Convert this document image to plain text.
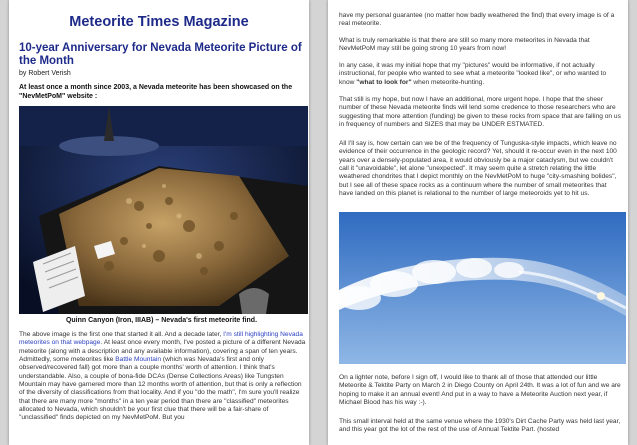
Meteorite Times Magazine
10-year Anniversary for Nevada Meteorite Picture of the Month
by Robert Verish
At least once a month since 2003, a Nevada meteorite has been showcased on the "NevMetPoM" website :
Quinn Canyon (Iron, IIIAB) – Nevada's first meteorite find.

The above image is the first one that started it all. And a decade later, I'm still highlighting Nevada meteorites on that webpage. At least once every month, I've posted a picture of a different Nevada meteorite (along with a description and any available information), covering a span of ten years. Admittedly, some meteorites like Battle Mountain (which was Nevada's first and only observed/recovered fall) got more than a couple months' worth of attention. I think that's understandable. Also, a couple of bona-fide DCAs (Dense Collections Areas) like Tungsten Mountain may have garnered more than 12 months worth of attention, but that is only a reflection of the diversity of classifications from that locality. And if you "do the math", I'm sure you'll realize that there are many more "months" in a ten year period than there are "classified" meteorites allocated to Nevada, which shouldn't be your first clue that there will be a fair-share of "unclassified" finds depicted on my NevMetPoM. But you

have my personal guarantee (no matter how badly weathered the find) that every image is of a real meteorite.

What is truly remarkable is that there are still so many more meteorites in Nevada that NevMetPoM may still be going strong 10 years from now!

In any case, it was my initial hope that my "pictures" would be informative, if not actually instructional, for people who wanted to see what a meteorite "looked like", or who wanted to know "what to look for" when meteorite-hunting.

That still is my hope, but now I have an additional, more urgent hope. I hope that the sheer number of these Nevada meteorite finds will lend some credence to those researchers who are suggesting that more attention (funding) be given to these rocks from space that are falling on us in frequency of numbers and SIZES that may be UNDER ESTMATED.

All I'll say is, how certain can we be of the frequency of Tunguska-style impacts, which leave no evidence of their occurrence in the geologic record? Yet, should it re-occur even in the next 100 years over a densely-populated area, it would obviously be a major cataclysm, but we couldn't call it "unavoidable", let alone "unexpected". It may seem quite a stretch relating the little weathered chondrites that I depict monthly on the NevMetPoM to huge "city-smashing bolides", but I see all of these space rocks as a continuum where the number of small meteorites that have landed on this planet is relational to the number of large meteoroids yet to hit us.

On a lighter note, before I sign off, I would like to thank all of those that attended our little Meteorite & Tektite Party on March 2 in Diego County on April 24th. It was a lot of fun and we are hoping to make it an annual event! And put in a way to have a Meteorite Auction next year, if Michael Blood has his way :-).

This small interval held at the same venue where the 1930's Dirt Cache Party was held last year, and this year got the lot of the rest of the use of Annual Tektite Part. (hosted
